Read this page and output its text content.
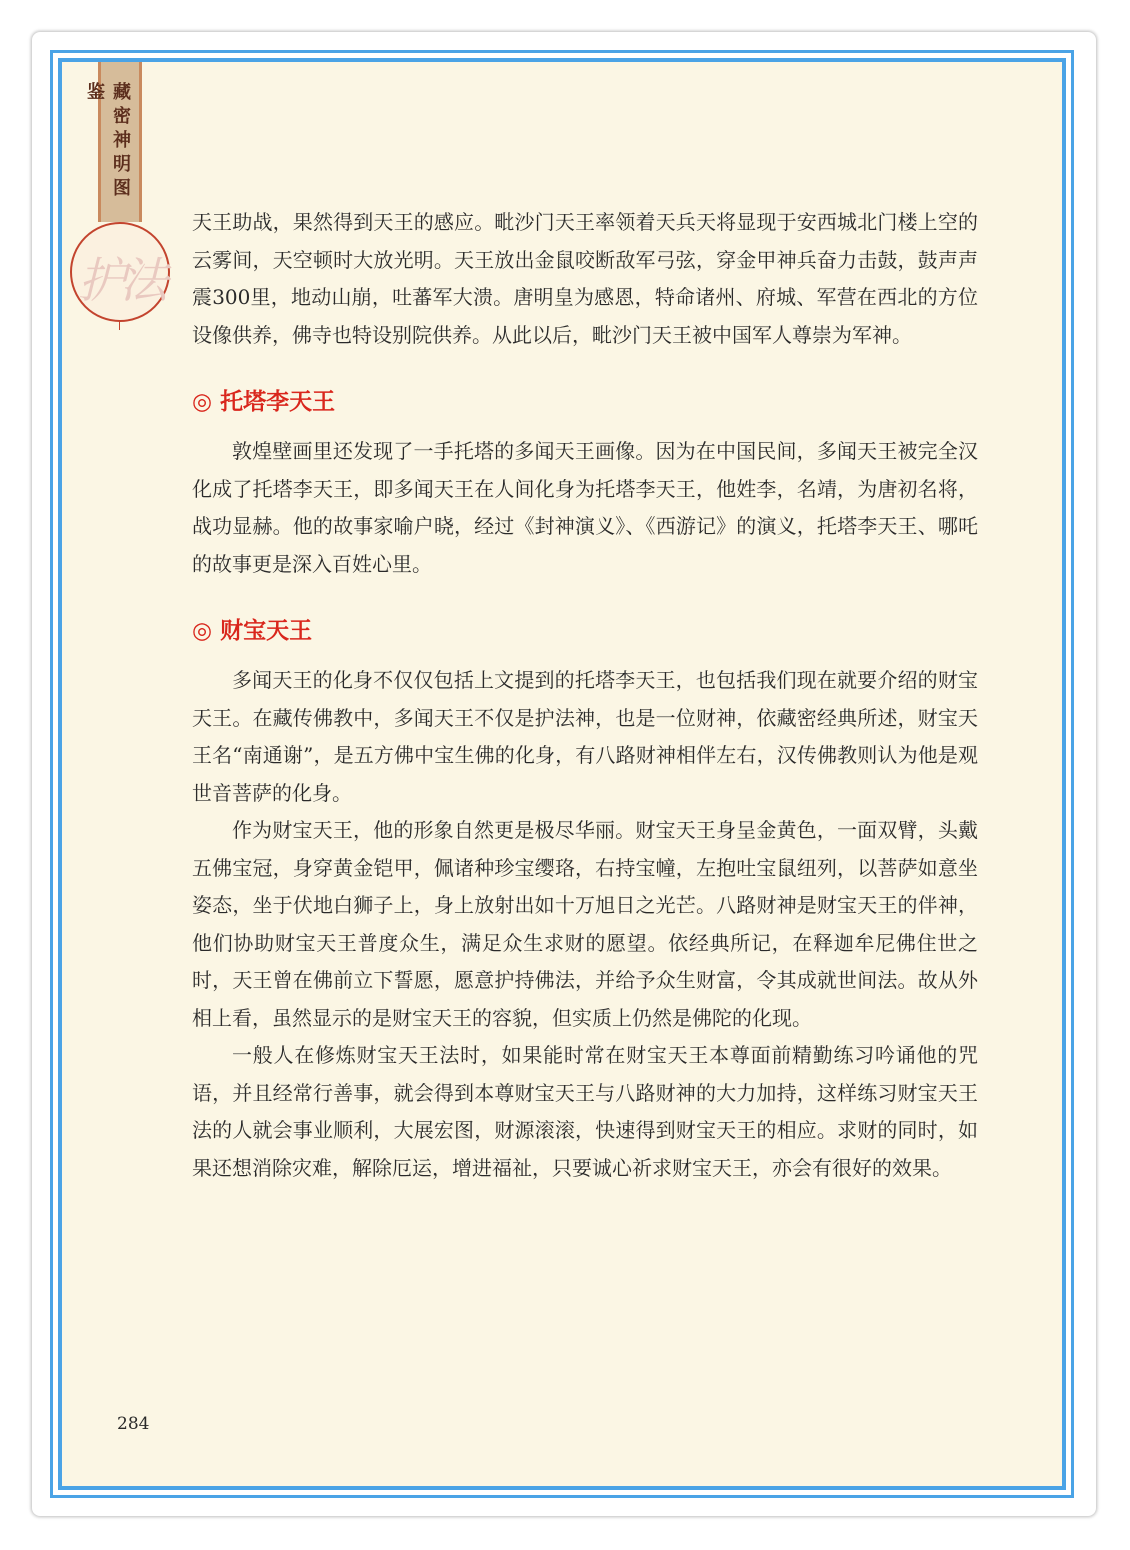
藏密神明图鉴
护法

天王助战，果然得到天王的感应。毗沙门天王率领着天兵天将显现于安西城北门楼上空的云雾间，天空顿时大放光明。天王放出金鼠咬断敌军弓弦，穿金甲神兵奋力击鼓，鼓声声震300里，地动山崩，吐蕃军大溃。唐明皇为感恩，特命诸州、府城、军营在西北的方位设像供养，佛寺也特设别院供养。从此以后，毗沙门天王被中国军人尊崇为军神。

◎ 托塔李天王

敦煌壁画里还发现了一手托塔的多闻天王画像。因为在中国民间，多闻天王被完全汉化成了托塔李天王，即多闻天王在人间化身为托塔李天王，他姓李，名靖，为唐初名将，战功显赫。他的故事家喻户晓，经过《封神演义》、《西游记》的演义，托塔李天王、哪吒的故事更是深入百姓心里。

◎ 财宝天王

多闻天王的化身不仅仅包括上文提到的托塔李天王，也包括我们现在就要介绍的财宝天王。在藏传佛教中，多闻天王不仅是护法神，也是一位财神，依藏密经典所述，财宝天王名“南通谢”，是五方佛中宝生佛的化身，有八路财神相伴左右，汉传佛教则认为他是观世音菩萨的化身。

作为财宝天王，他的形象自然更是极尽华丽。财宝天王身呈金黄色，一面双臂，头戴五佛宝冠，身穿黄金铠甲，佩诸种珍宝缨珞，右持宝幢，左抱吐宝鼠纽列，以菩萨如意坐姿态，坐于伏地白狮子上，身上放射出如十万旭日之光芒。八路财神是财宝天王的伴神，他们协助财宝天王普度众生，满足众生求财的愿望。依经典所记，在释迦牟尼佛住世之时，天王曾在佛前立下誓愿，愿意护持佛法，并给予众生财富，令其成就世间法。故从外相上看，虽然显示的是财宝天王的容貌，但实质上仍然是佛陀的化现。

一般人在修炼财宝天王法时，如果能时常在财宝天王本尊面前精勤练习吟诵他的咒语，并且经常行善事，就会得到本尊财宝天王与八路财神的大力加持，这样练习财宝天王法的人就会事业顺利，大展宏图，财源滚滚，快速得到财宝天王的相应。求财的同时，如果还想消除灾难，解除厄运，增进福祉，只要诚心祈求财宝天王，亦会有很好的效果。

284
